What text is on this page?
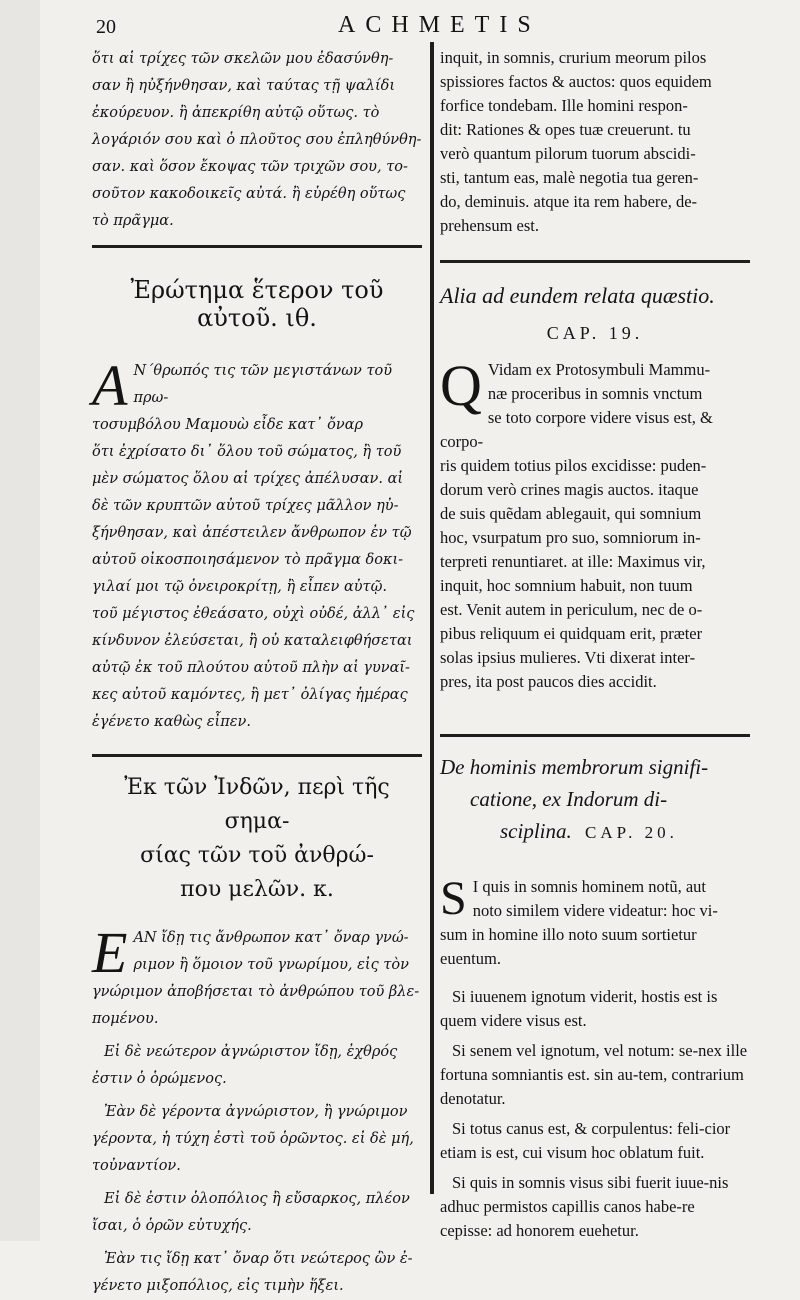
20	ACHMETIS
ὅτι αἱ τρίχες τῶν σκελῶν μου ἐδασύνθη-
σαν ἢ ηὐξήνθησαν, καὶ ταύτας τῇ ψαλίδι
ἐκούρευον. ἢ ἀπεκρίθη αὐτῷ οὕτως. τὸ
λογάριόν σου καὶ ὁ πλοῦτος σου ἐπληθύνθη-
σαν. καὶ ὅσον ἔκοψας τῶν τριχῶν σου, το-
σοῦτον κακοδοικεῖς αὐτά. ἢ εὑρέθη οὕτως
τὸ πρᾶγμα.
Ἐρώτημα ἕτερον τοῦ αὐτοῦ. ιθ.
Α Ν΄θρωπός τις τῶν μεγιστάνων τοῦ πρω-
τοσυμβόλου Μαμουὼ εἶδε κατ᾽ ὄναρ
ὅτι ἐχρίσατο δι᾽ ὅλου τοῦ σώματος, ἢ τοῦ
μὲν σώματος ὅλου αἱ τρίχες ἀπέλυσαν. αἱ
δὲ τῶν κρυπτῶν αὐτοῦ τρίχες μᾶλλον ηὐ-
ξήνθησαν, καὶ ἀπέστειλεν ἄνθρωπον ἐν τῷ
αὐτοῦ οἰκοσποιησάμενον τὸ πρᾶγμα δοκι-
γιλαί μοι τῷ ὀνειροκρίτῃ, ἢ εἶπεν αὐτῷ.
τοῦ μέγιστος ἐθεάσατο, οὐχὶ οὐδέ, ἀλλ᾽ εἰς
κίνδυνον ἐλεύσεται, ἢ οὐ καταλειφθήσεται
αὐτῷ ἐκ τοῦ πλούτου αὐτοῦ πλὴν αἱ γυναῖ-
κες αὐτοῦ καμόντες, ἢ μετ᾽ ὀλίγας ἡμέρας
ἐγένετο καθὼς εἶπεν.
Ἐκ τῶν Ἰνδῶν, περὶ τῆς σημα-
σίας τῶν τοῦ ἀνθρώ-
που μελῶν. κ.
Ε ΑΝ ἴδῃ τις ἄνθρωπον κατ᾽ ὄναρ γνώ-
ριμον ἢ ὅμοιον τοῦ γνωρίμου, εἰς τὸν
γνώριμον ἀποβήσεται τὸ ἀνθρώπου τοῦ βλε-
πομένου.
Εἰ δὲ νεώτερον ἀγνώριστον ἴδῃ, ἐχθρός ἐστιν ὁ ὁρώμενος.
Ἐὰν δὲ γέροντα ἀγνώριστον, ἢ γνώριμον γέροντα, ἡ τύχη ἐστὶ τοῦ ὁρῶντος. εἰ δὲ μή, τοὐναντίον.
Εἰ δὲ ἐστιν ὁλοπόλιος ἢ εὔσαρκος, πλέον ἴσαι, ὁ ὁρῶν εὐτυχής.
Ἐὰν τις ἴδῃ κατ᾽ ὄναρ ὅτι νεώτερος ὢν ἐ-
γένετο μιξοπόλιος, εἰς τιμὴν ἥξει.
inquit, in somnis, crurium meorum pilos
spissiores factos & auctos: quos equidem
forfice tondebam. Ille homini respon-
dit: Rationes & opes tuæ creuerunt. tu
verò quantum pilorum tuorum abscidi-
sti, tantum eas, malè negotia tua geren-
do, deminuis. atque ita rem habere, de-
prehensum est.
Alia ad eundem relata quæstio.
CAP. 19.
Q Vidam ex Protosymbuli Mammu-
næ proceribus in somnis vnctum
se toto corpore videre visus est, & corpo-
ris quidem totius pilos excidisse: puden-
dorum verò crines magis auctos. itaque
de suis quẽdam ablegauit, qui somnium
hoc, vsurpatum pro suo, somniorum in-
terpreti renuntiaret. at ille: Maximus vir,
inquit, hoc somnium habuit, non tuum
est. Venit autem in periculum, nec de o-
pibus reliquum ei quidquam erit, præter
solas ipsius mulieres. Vti dixerat inter-
pres, ita post paucos dies accidit.
De hominis membrorum signifi-
catione, ex Indorum di-
sciplina. CAP. 20.
S I quis in somnis hominem notũ, aut
noto similem videre videatur: hoc vi-
sum in homine illo noto suum sortietur
euentum.
Si iuuenem ignotum viderit, hostis est is quem videre visus est.
Si senem vel ignotum, vel notum: se-nex ille fortuna somniantis est. sin au-tem, contrarium denotatur.
Si totus canus est, & corpulentus: feli-cior etiam is est, cui visum hoc oblatum fuit.
Si quis in somnis visus sibi fuerit iuue-nis adhuc permistos capillis canos habe-re cepisse: ad honorem euehetur.
